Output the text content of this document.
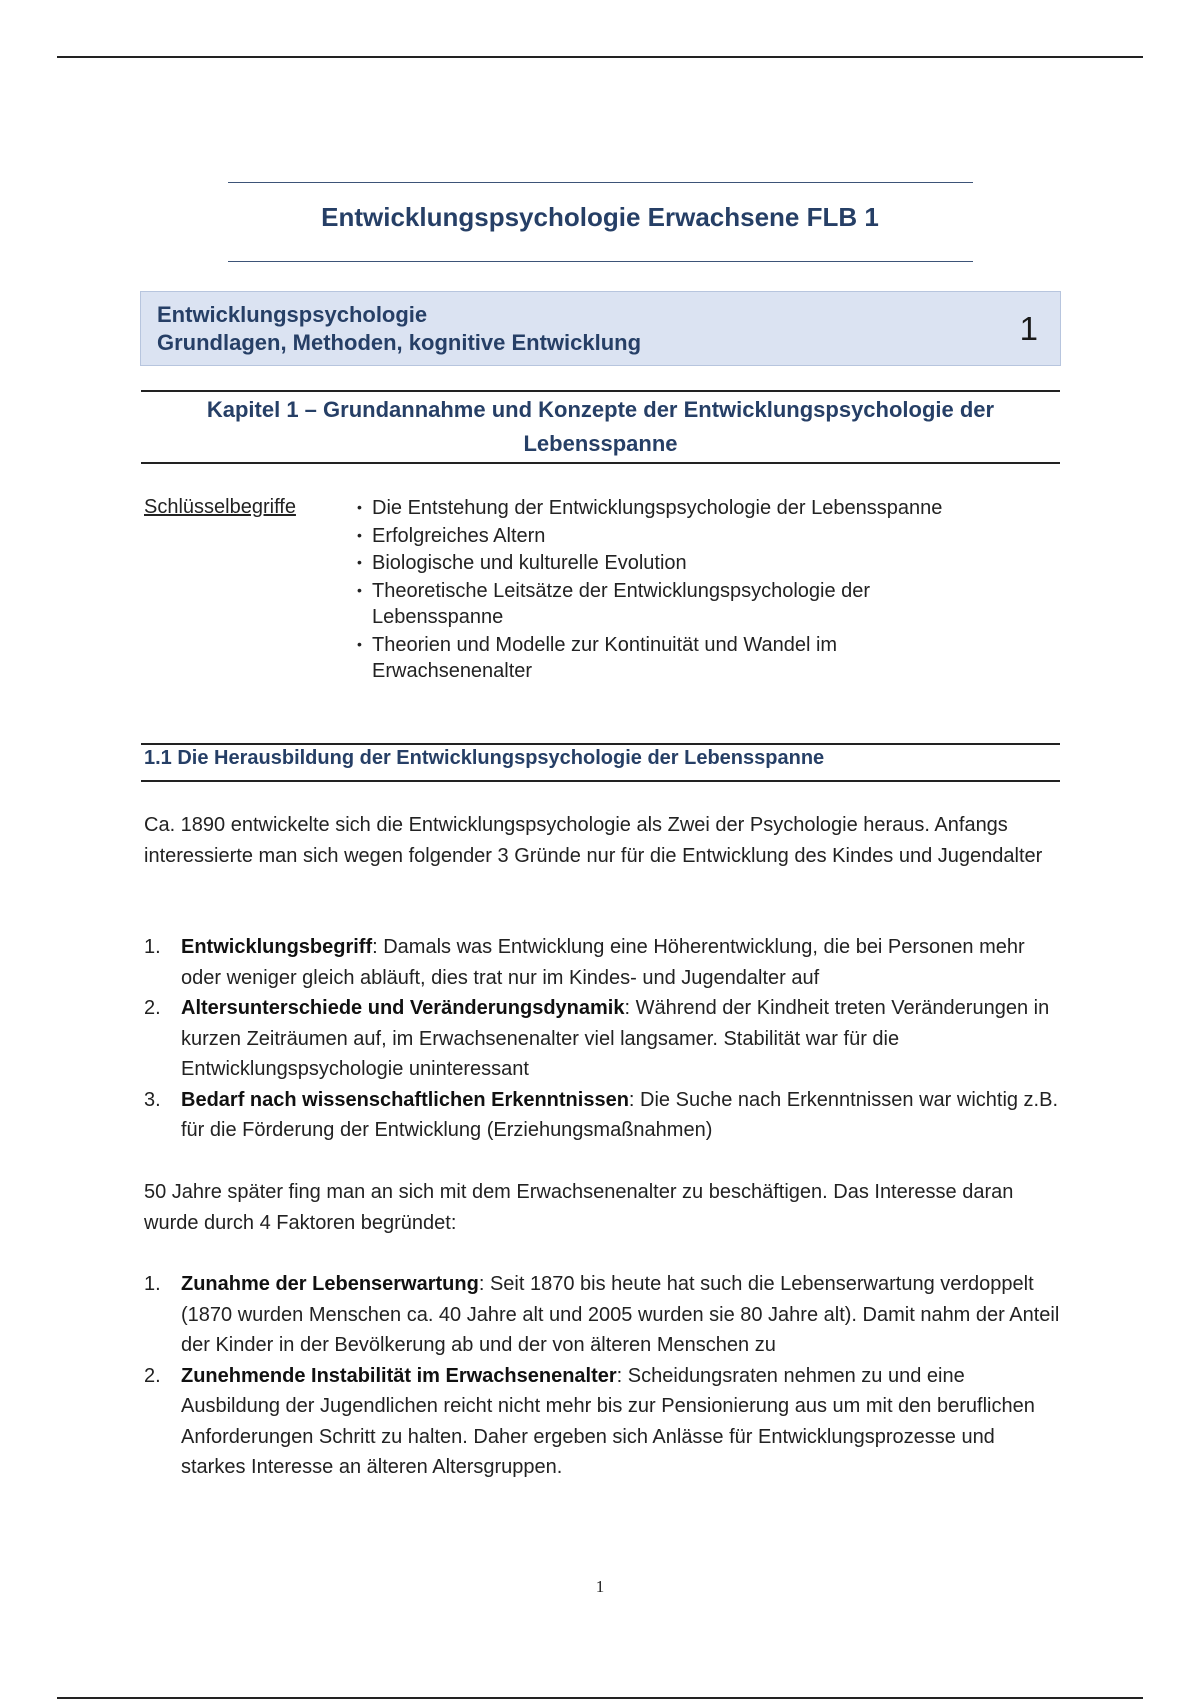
Entwicklungspsychologie Erwachsene FLB 1
Entwicklungspsychologie
Grundlagen, Methoden, kognitive Entwicklung	1
Kapitel 1 – Grundannahme und Konzepte der Entwicklungspsychologie der
Lebensspanne
Schlüsselbegriffe
•	Die Entstehung der Entwicklungspsychologie der Lebensspanne
• Erfolgreiches Altern
• Biologische und kulturelle Evolution
• Theoretische Leitsätze der Entwicklungspsychologie der Lebensspanne
• Theorien und Modelle zur Kontinuität und Wandel im Erwachsenenalter
1.1 Die Herausbildung der Entwicklungspsychologie der Lebensspanne

Ca. 1890 entwickelte sich die Entwicklungspsychologie als Zwei der Psychologie heraus. Anfangs interessierte man sich wegen folgender 3 Gründe nur für die Entwicklung des Kindes und Jugendalter

1. Entwicklungsbegriff: Damals was Entwicklung eine Höherentwicklung, die bei Personen mehr oder weniger gleich abläuft, dies trat nur im Kindes- und Jugendalter auf
2. Altersunterschiede und Veränderungsdynamik: Während der Kindheit treten Veränderungen in kurzen Zeiträumen auf, im Erwachsenenalter viel langsamer. Stabilität war für die Entwicklungspsychologie uninteressant
3. Bedarf nach wissenschaftlichen Erkenntnissen: Die Suche nach Erkenntnissen war wichtig z.B. für die Förderung der Entwicklung (Erziehungsmaßnahmen)

50 Jahre später fing man an sich mit dem Erwachsenenalter zu beschäftigen. Das Interesse daran wurde durch 4 Faktoren begründet:

1. Zunahme der Lebenserwartung: Seit 1870 bis heute hat such die Lebenserwartung verdoppelt (1870 wurden Menschen ca. 40 Jahre alt und 2005 wurden sie 80 Jahre alt). Damit nahm der Anteil der Kinder in der Bevölkerung ab und der von älteren Menschen zu
2. Zunehmende Instabilität im Erwachsenenalter: Scheidungsraten nehmen zu und eine Ausbildung der Jugendlichen reicht nicht mehr bis zur Pensionierung aus um mit den beruflichen Anforderungen Schritt zu halten. Daher ergeben sich Anlässe für Entwicklungsprozesse und starkes Interesse an älteren Altersgruppen.
1
